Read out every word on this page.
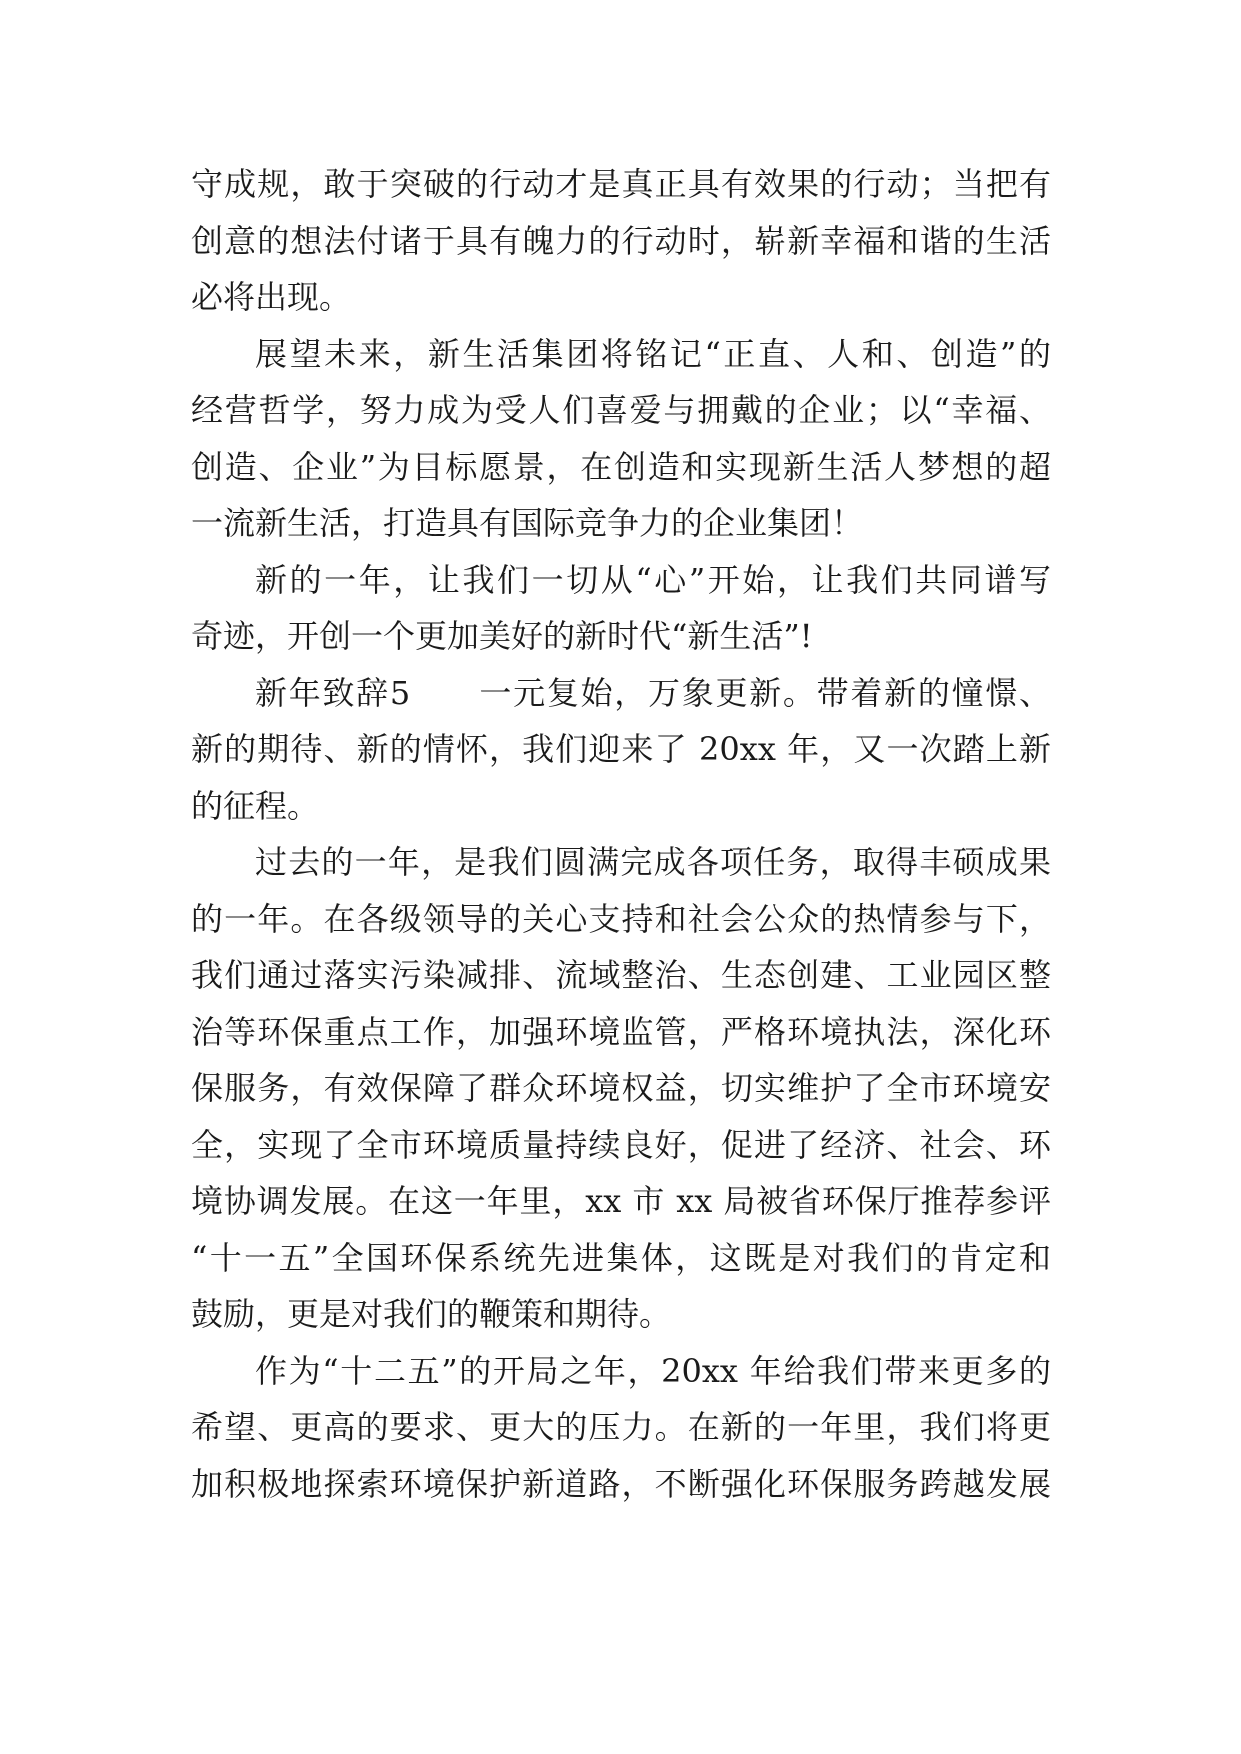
守成规，敢于突破的行动才是真正具有效果的行动；当把有
创意的想法付诸于具有魄力的行动时，崭新幸福和谐的生活
必将出现。
展望未来，新生活集团将铭记“正直、人和、创造”的
经营哲学，努力成为受人们喜爱与拥戴的企业；以“幸福、
创造、企业”为目标愿景，在创造和实现新生活人梦想的超
一流新生活，打造具有国际竞争力的企业集团！
新的一年，让我们一切从“心”开始，让我们共同谱写
奇迹，开创一个更加美好的新时代“新生活”!
新年致辞5　　一元复始，万象更新。带着新的憧憬、
新的期待、新的情怀，我们迎来了 20xx 年，又一次踏上新
的征程。
过去的一年，是我们圆满完成各项任务，取得丰硕成果
的一年。在各级领导的关心支持和社会公众的热情参与下，
我们通过落实污染减排、流域整治、生态创建、工业园区整
治等环保重点工作，加强环境监管，严格环境执法，深化环
保服务，有效保障了群众环境权益，切实维护了全市环境安
全，实现了全市环境质量持续良好，促进了经济、社会、环
境协调发展。在这一年里，xx 市 xx 局被省环保厅推荐参评
“十一五”全国环保系统先进集体，这既是对我们的肯定和
鼓励，更是对我们的鞭策和期待。
作为“十二五”的开局之年，20xx 年给我们带来更多的
希望、更高的要求、更大的压力。在新的一年里，我们将更
加积极地探索环境保护新道路，不断强化环保服务跨越发展
